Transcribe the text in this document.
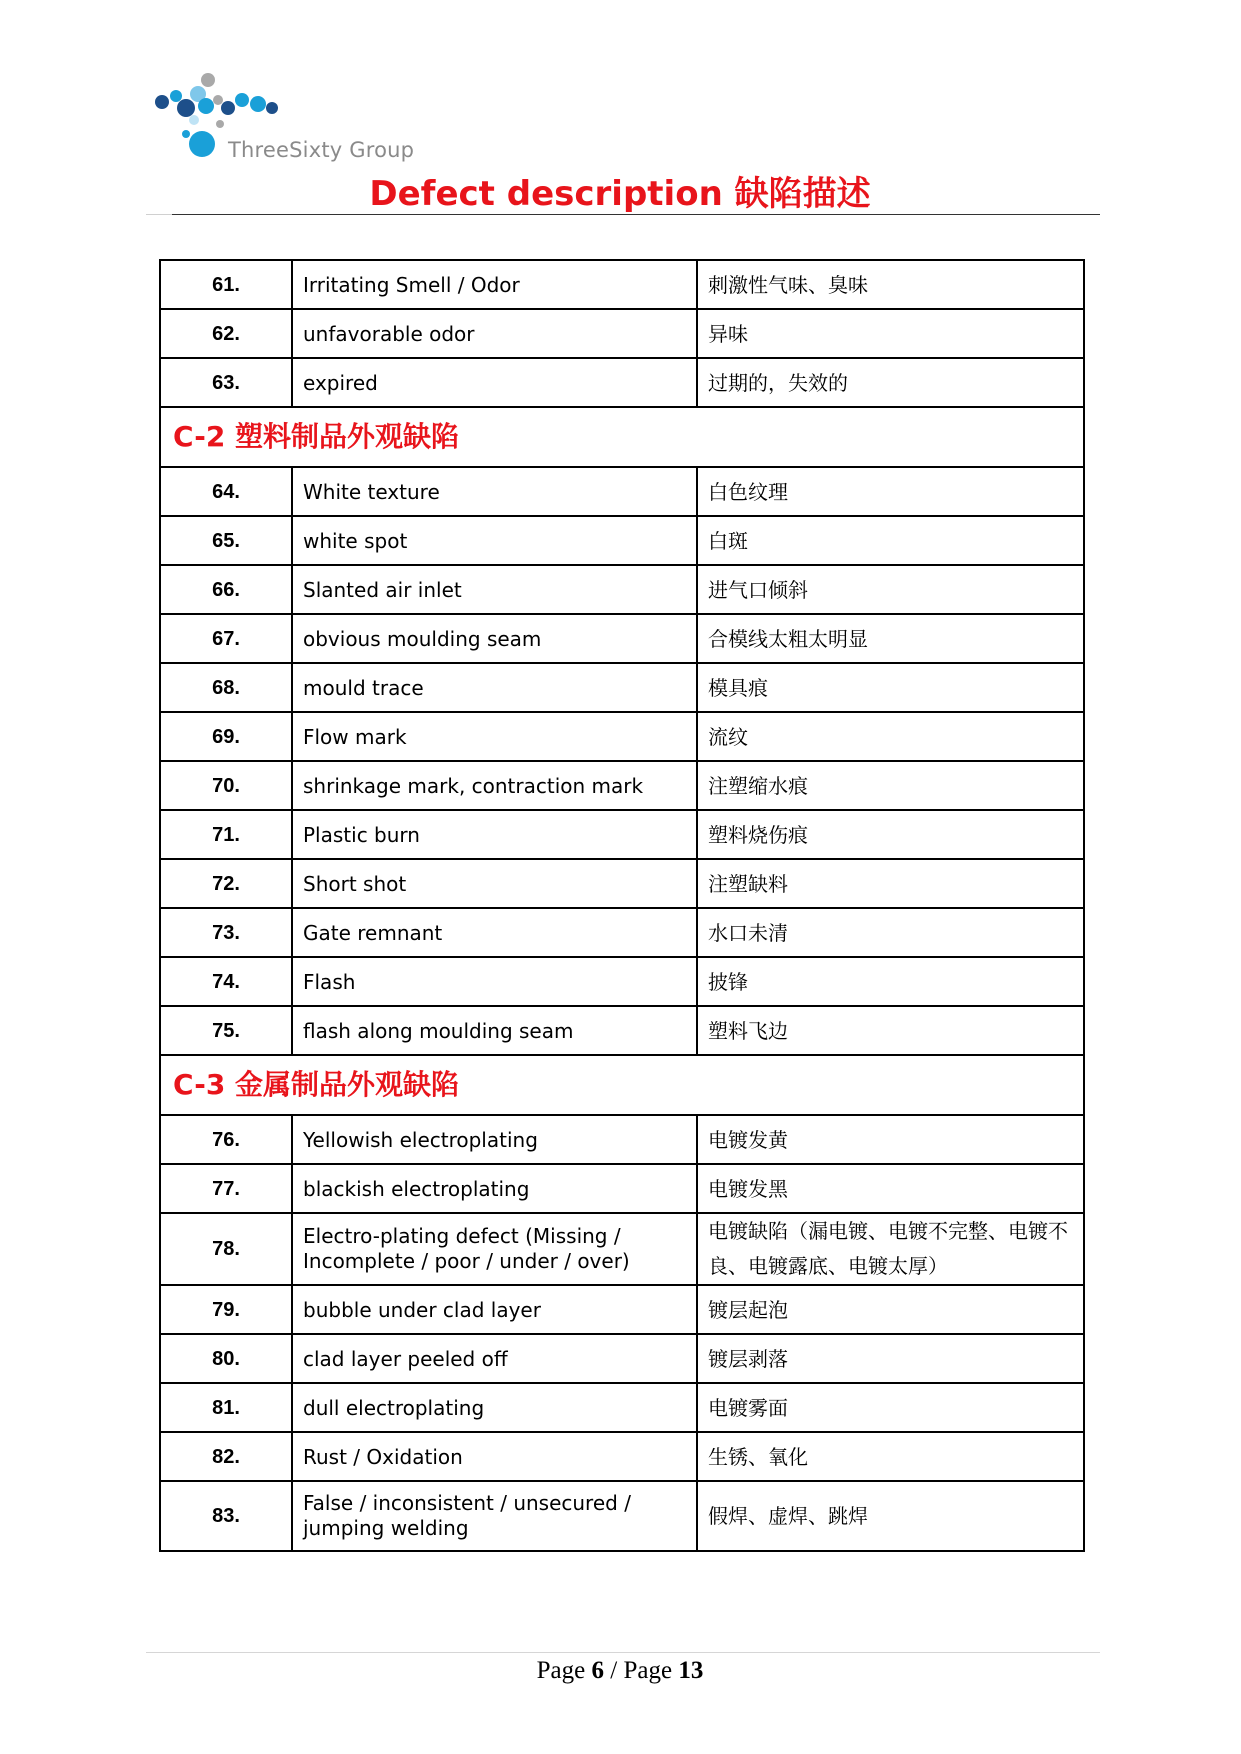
ThreeSixty Group
Defect description 缺陷描述
61.	Irritating Smell / Odor	刺激性气味、臭味
62.	unfavorable odor	异味
63.	expired	过期的，失效的
C-2 塑料制品外观缺陷		
64.	White texture	白色纹理
65.	white spot	白斑
66.	Slanted air inlet	进气口倾斜
67.	obvious moulding seam	合模线太粗太明显
68.	mould trace	模具痕
69.	Flow mark	流纹
70.	shrinkage mark, contraction mark	注塑缩水痕
71.	Plastic burn	塑料烧伤痕
72.	Short shot	注塑缺料
73.	Gate remnant	水口未清
74.	Flash	披锋
75.	flash along moulding seam	塑料飞边
C-3 金属制品外观缺陷		
76.	Yellowish electroplating	电镀发黄
77.	blackish electroplating	电镀发黑
78.	Electro-plating defect (Missing / Incomplete / poor / under / over)	电镀缺陷（漏电镀、电镀不完整、电镀不良、电镀露底、电镀太厚）
79.	bubble under clad layer	镀层起泡
80.	clad layer peeled off	镀层剥落
81.	dull electroplating	电镀雾面
82.	Rust / Oxidation	生锈、氧化
83.	False / inconsistent / unsecured / jumping welding	假焊、虚焊、跳焊
Page 6 / Page 13
